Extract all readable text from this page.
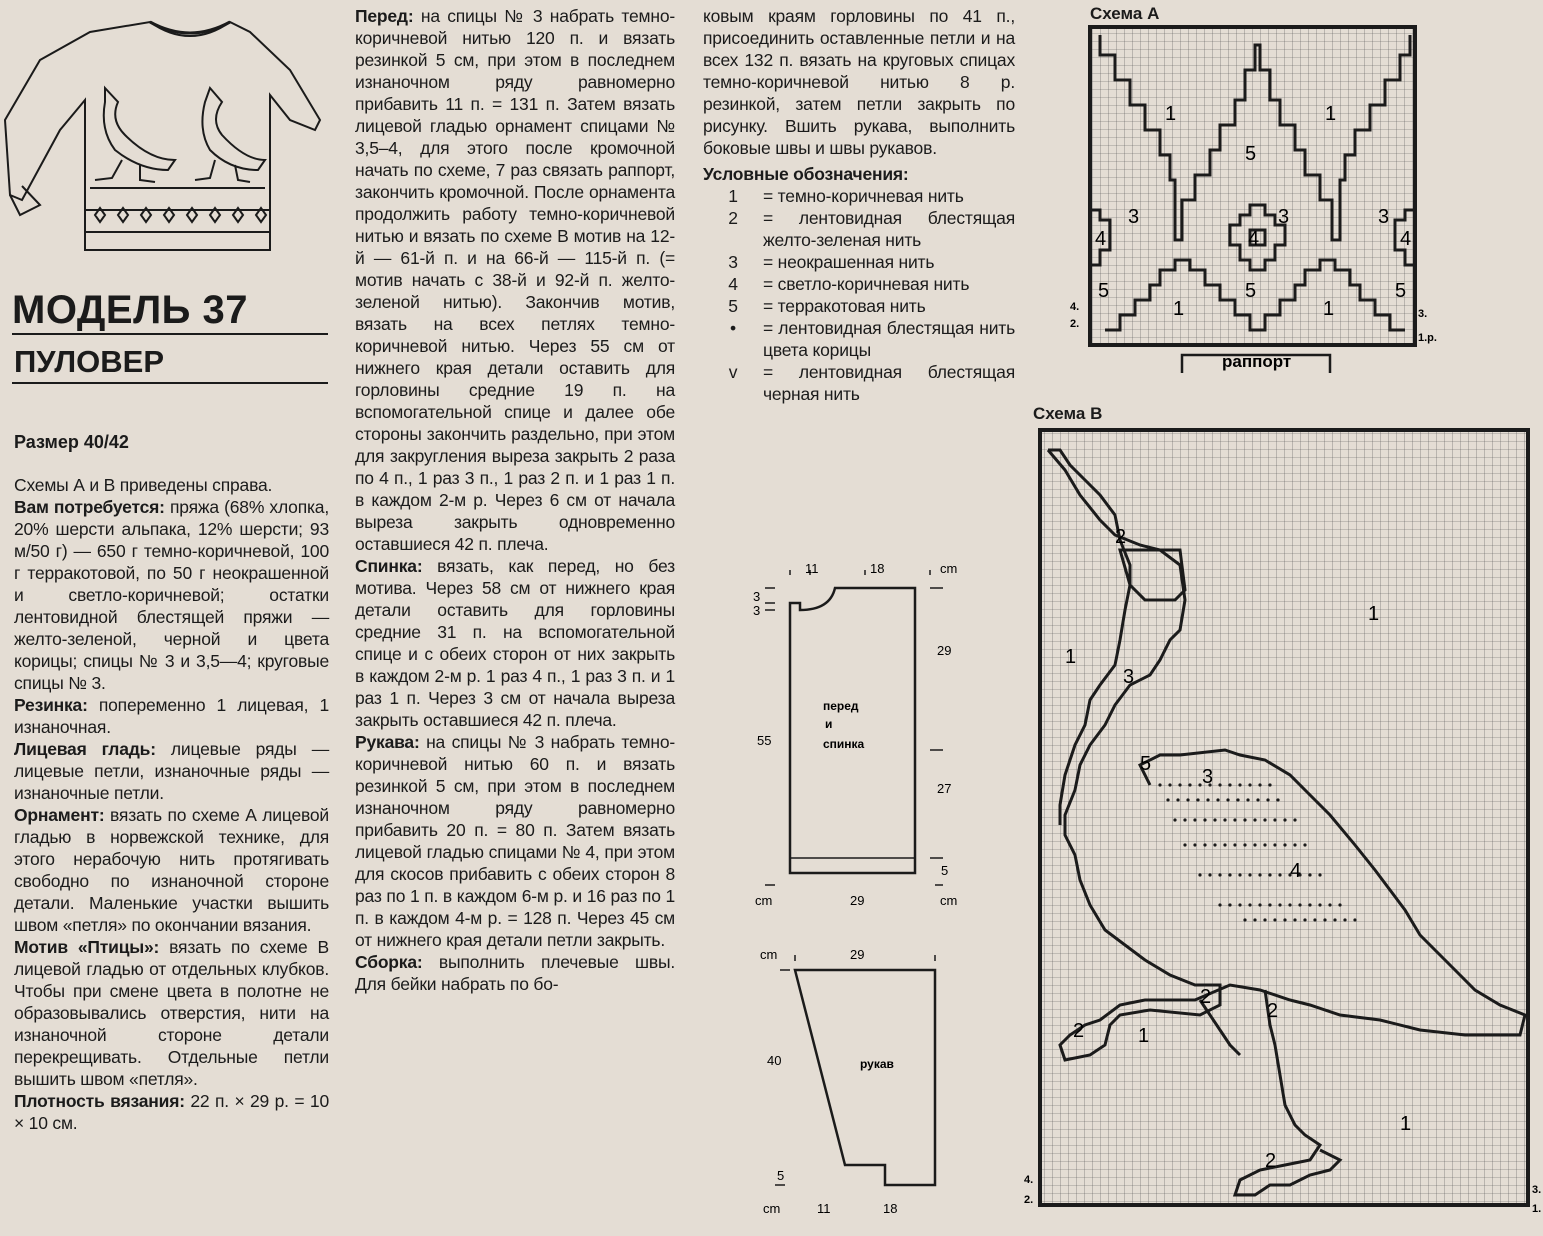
МОДЕЛЬ 37
ПУЛОВЕР
Размер 40/42

Схемы А и В приведены справа.

Вам потребуется: пряжа (68% хлопка, 20% шерсти альпака, 12% шерсти; 93 м/50 г) — 650 г темно-коричневой, 100 г терракотовой, по 50 г неокрашенной и светло-коричневой; остатки лентовидной блестящей пряжи — желто-зеленой, черной и цвета корицы; спицы № 3 и 3,5—4; круговые спицы № 3.

Резинка: попеременно 1 лицевая, 1 изнаночная.

Лицевая гладь: лицевые ряды — лицевые петли, изнаночные ряды — изнаночные петли.

Орнамент: вязать по схеме А лицевой гладью в норвежской технике, для этого нерабочую нить протягивать свободно по изнаночной стороне детали. Маленькие участки вышить швом «петля» по окончании вязания.

Мотив «Птицы»: вязать по схеме В лицевой гладью от отдельных клубков. Чтобы при смене цвета в полотне не образовывались отверстия, нити на изнаночной стороне детали перекрещивать. Отдельные петли вышить швом «петля».

Плотность вязания: 22 п. × 29 р. = 10 × 10 см.

Перед: на спицы № 3 набрать темно-коричневой нитью 120 п. и вязать резинкой 5 см, при этом в последнем изнаночном ряду равномерно прибавить 11 п. = 131 п. Затем вязать лицевой гладью орнамент спицами № 3,5–4, для этого после кромочной начать по схеме, 7 раз связать раппорт, закончить кромочной. После орнамента продолжить работу темно-коричневой нитью и вязать по схеме В мотив на 12-й — 61-й п. и на 66-й — 115-й п. (= мотив начать с 38-й и 92-й п. желто-зеленой нитью). Закончив мотив, вязать на всех петлях темно-коричневой нитью. Через 55 см от нижнего края детали оставить для горловины средние 19 п. на вспомогательной спице и далее обе стороны закончить раздельно, при этом для закругления выреза закрыть 2 раза по 4 п., 1 раз 3 п., 1 раз 2 п. и 1 раз 1 п. в каждом 2-м р. Через 6 см от начала выреза закрыть одновременно оставшиеся 42 п. плеча.

Спинка: вязать, как перед, но без мотива. Через 58 см от нижнего края детали оставить для горловины средние 31 п. на вспомогательной спице и с обеих сторон от них закрыть в каждом 2-м р. 1 раз 4 п., 1 раз 3 п. и 1 раз 1 п. Через 3 см от начала выреза закрыть оставшиеся 42 п. плеча.

Рукава: на спицы № 3 набрать темно-коричневой нитью 60 п. и вязать резинкой 5 см, при этом в последнем изнаночном ряду равномерно прибавить 20 п. = 80 п. Затем вязать лицевой гладью спицами № 4, при этом для скосов прибавить с обеих сторон 8 раз по 1 п. в каждом 6-м р. и 16 раз по 1 п. в каждом 4-м р. = 128 п. Через 45 см от нижнего края детали петли закрыть.

Сборка: выполнить плечевые швы. Для бейки набрать по бо-

ковым краям горловины по 41 п., присоединить оставленные петли и на всех 132 п. вязать на круговых спицах темно-коричневой нитью 8 р. резинкой, затем петли закрыть по рисунку. Вшить рукава, выполнить боковые швы и швы рукавов.

Условные обозначения:
1	= темно-коричневая нить
2	= лентовидная блестящая желто-зеленая нить
3	= неокрашенная нить
4	= светло-коричневая нить
5	= терракотовая нить
•	= лентовидная блестящая нить цвета корицы
v	= лентовидная блестящая черная нить
11	18	cm
3
3
55
29
27
5
cm	29	cm
перед
и
спинка
cm	29
40
5
рукав
cm	11	18
Схема А
1	1
5
3	3	3
4	4	4
5
1
5
1
5
4.
2.
3.
1.р.
раппорт
Схема В
2
1
1
3
5
3
4
2
2
2	1
1
2
4.
2.
3.
1.
